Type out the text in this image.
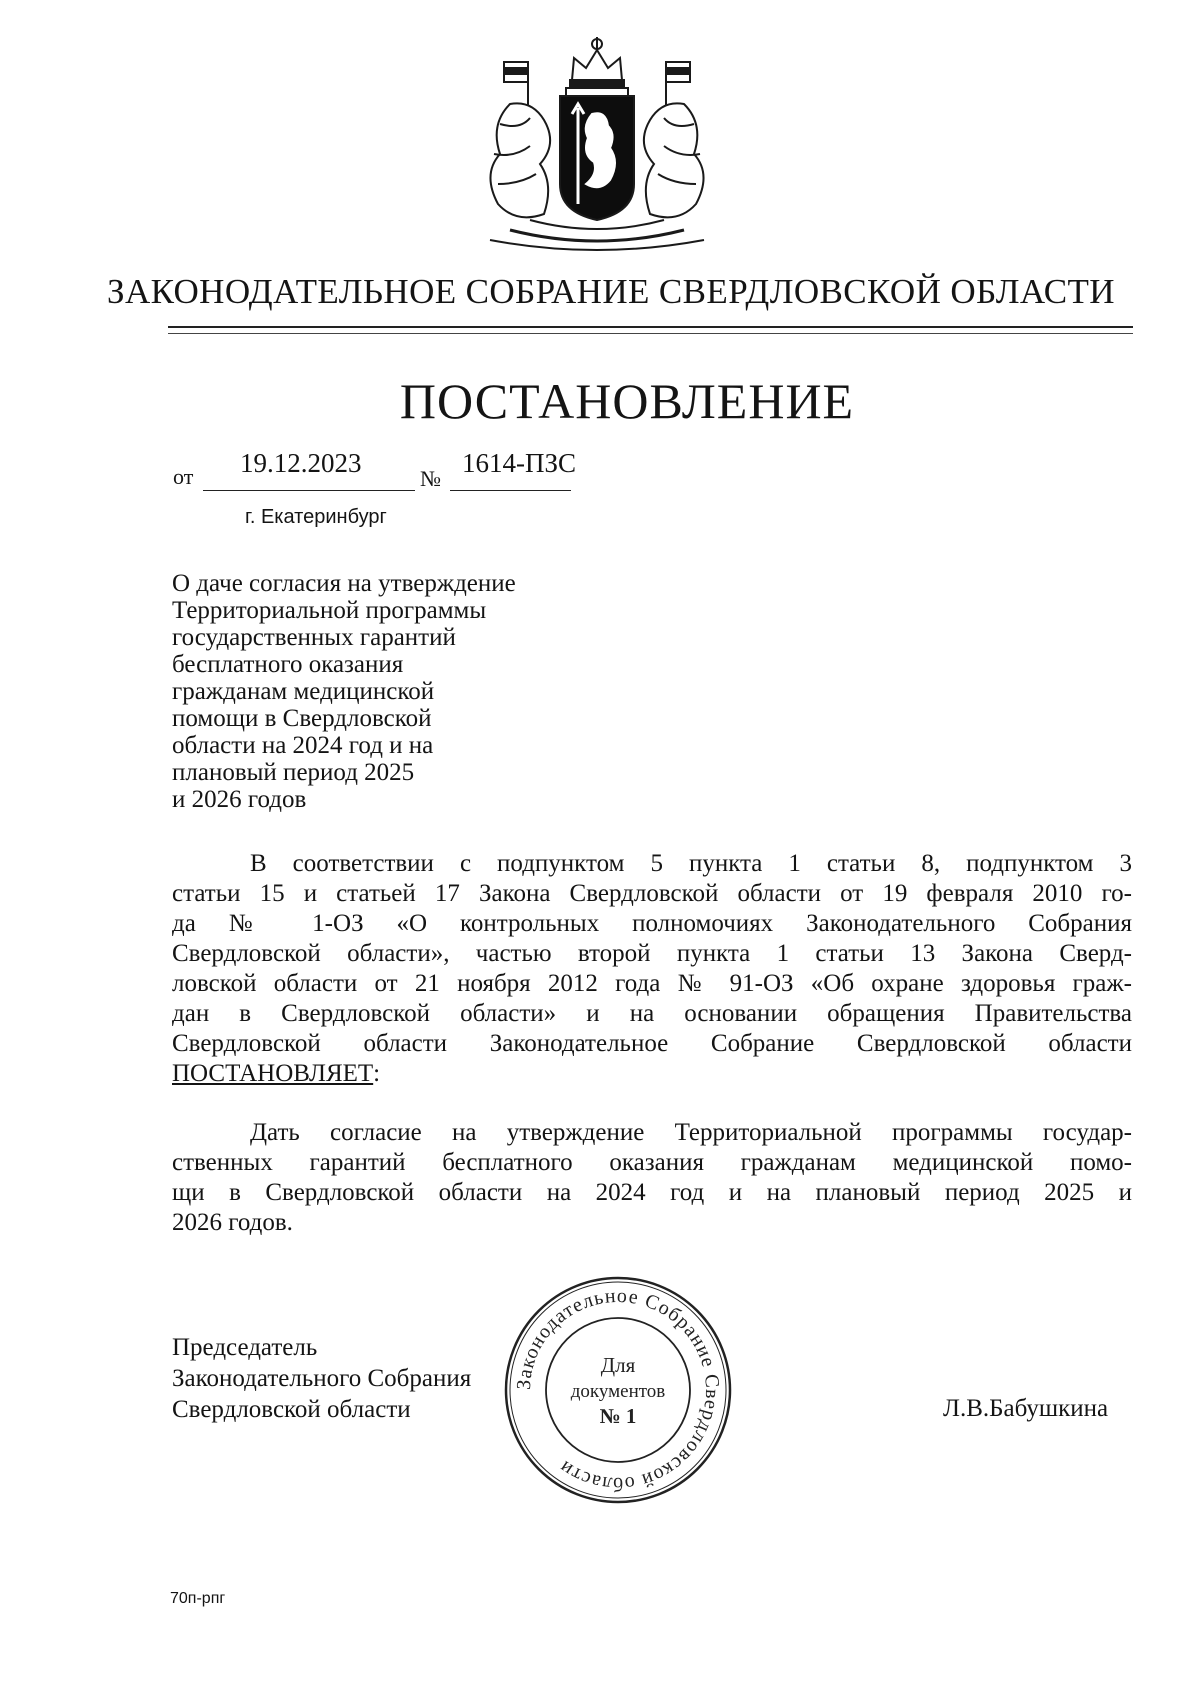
ЗАКОНОДАТЕЛЬНОЕ СОБРАНИЕ СВЕРДЛОВСКОЙ ОБЛАСТИ
ПОСТАНОВЛЕНИЕ
от 19.12.2023
№
1614-ПЗС
г. Екатеринбург
О даче согласия на утверждение
Территориальной программы
государственных гарантий
бесплатного оказания
гражданам медицинской
помощи в Свердловской
области на 2024 год и на
плановый период 2025
и 2026 годов
В соответствии с подпунктом 5 пункта 1 статьи 8, подпунктом 3
статьи 15 и статьей 17 Закона Свердловской области от 19 февраля 2010 го-
да № 1-ОЗ «О контрольных полномочиях Законодательного Собрания
Свердловской области», частью второй пункта 1 статьи 13 Закона Сверд-
ловской области от 21 ноября 2012 года № 91-ОЗ «Об охране здоровья граж-
дан в Свердловской области» и на основании обращения Правительства
Свердловской области Законодательное Собрание Свердловской области
ПОСТАНОВЛЯЕТ:
Дать согласие на утверждение Территориальной программы государ-
ственных гарантий бесплатного оказания гражданам медицинской помо-
щи в Свердловской области на 2024 год и на плановый период 2025 и
2026 годов.
Председатель
Законодательного Собрания
Свердловской области
Законодательное Собрание Свердловской области
Для
документов
№ 1	Л.В.Бабушкина
70п-рпг
